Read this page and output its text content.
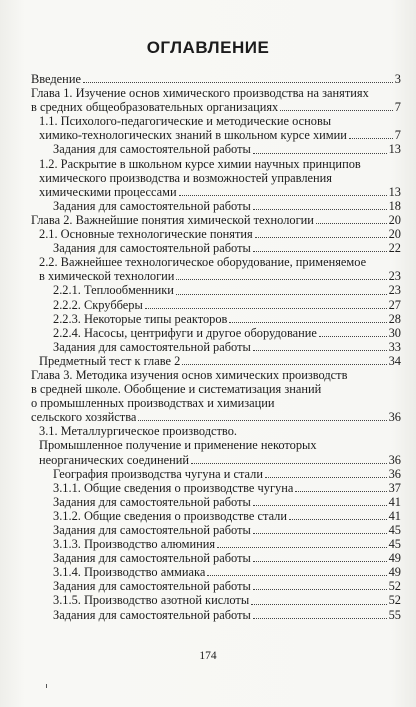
ОГЛАВЛЕНИЕ
Введение	3
Глава 1. Изучение основ химического производства на занятиях
в средних общеобразовательных организациях	7
1.1. Психолого-педагогические и методические основы
химико-технологических знаний в школьном курсе химии	7
Задания для самостоятельной работы	13
1.2. Раскрытие в школьном курсе химии научных принципов
химического производства и возможностей управления
химическими процессами	13
Задания для самостоятельной работы	18
Глава 2. Важнейшие понятия химической технологии	20
2.1. Основные технологические понятия	20
Задания для самостоятельной работы	22
2.2. Важнейшее технологическое оборудование, применяемое
в химической технологии	23
2.2.1. Теплообменники	23
2.2.2. Скрубберы	27
2.2.3. Некоторые типы реакторов	28
2.2.4. Насосы, центрифуги и другое оборудование	30
Задания для самостоятельной работы	33
Предметный тест к главе 2	34
Глава 3. Методика изучения основ химических производств
в средней школе. Обобщение и систематизация знаний
о промышленных производствах и химизации
сельского хозяйства	36
3.1. Металлургическое производство.
Промышленное получение и применение некоторых
неорганических соединений	36
География производства чугуна и стали	36
3.1.1. Общие сведения о производстве чугуна	37
Задания для самостоятельной работы	41
3.1.2. Общие сведения о производстве стали	41
Задания для самостоятельной работы	45
3.1.3. Производство алюминия	45
Задания для самостоятельной работы	49
3.1.4. Производство аммиака	49
Задания для самостоятельной работы	52
3.1.5. Производство азотной кислоты	52
Задания для самостоятельной работы	55
174
